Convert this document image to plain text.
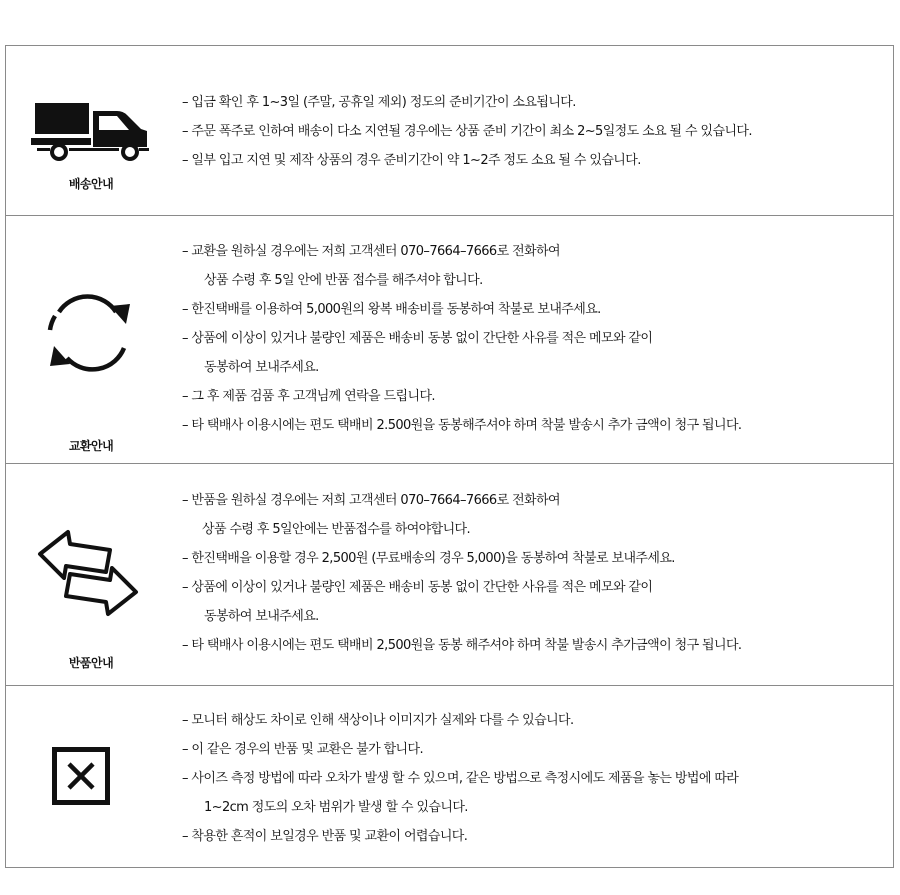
배송안내
– 입금 확인 후 1~3일 (주말, 공휴일 제외) 정도의 준비기간이 소요됩니다.
– 주문 폭주로 인하여 배송이 다소 지연될 경우에는 상품 준비 기간이 최소 2~5일정도 소요 될 수 있습니다.
– 일부 입고 지연 및 제작 상품의 경우 준비기간이 약 1~2주 정도 소요 될 수 있습니다.
교환안내
– 교환을 원하실 경우에는 저희 고객센터 070–7664–7666로 전화하여
상품 수령 후 5일 안에 반품 접수를 해주셔야 합니다.
– 한진택배를 이용하여 5,000원의 왕복 배송비를 동봉하여 착불로 보내주세요.
– 상품에 이상이 있거나 불량인 제품은 배송비 동봉 없이 간단한 사유를 적은 메모와 같이
동봉하여 보내주세요.
– 그 후 제품 검품 후 고객님께 연락을 드립니다.
– 타 택배사 이용시에는 편도 택배비 2.500원을 동봉해주셔야 하며 착불 발송시 추가 금액이 청구 됩니다.
반품안내
– 반품을 원하실 경우에는 저희 고객센터 070–7664–7666로 전화하여
상품 수령 후 5일안에는 반품접수를 하여야합니다.
– 한진택배을 이용할 경우 2,500원 (무료배송의 경우 5,000)을 동봉하여 착불로 보내주세요.
– 상품에 이상이 있거나 불량인 제품은 배송비 동봉 없이 간단한 사유를 적은 메모와 같이
동봉하여 보내주세요.
– 타 택배사 이용시에는 편도 택배비 2,500원을 동봉 해주셔야 하며 착불 발송시 추가금액이 청구 됩니다.
– 모니터 해상도 차이로 인해 색상이나 이미지가 실제와 다를 수 있습니다.
– 이 같은 경우의 반품 및 교환은 불가 합니다.
– 사이즈 측정 방법에 따라 오차가 발생 할 수 있으며, 같은 방법으로 측정시에도 제품을 놓는 방법에 따라
1~2cm 정도의 오차 범위가 발생 할 수 있습니다.
– 착용한 흔적이 보일경우 반품 및 교환이 어렵습니다.
